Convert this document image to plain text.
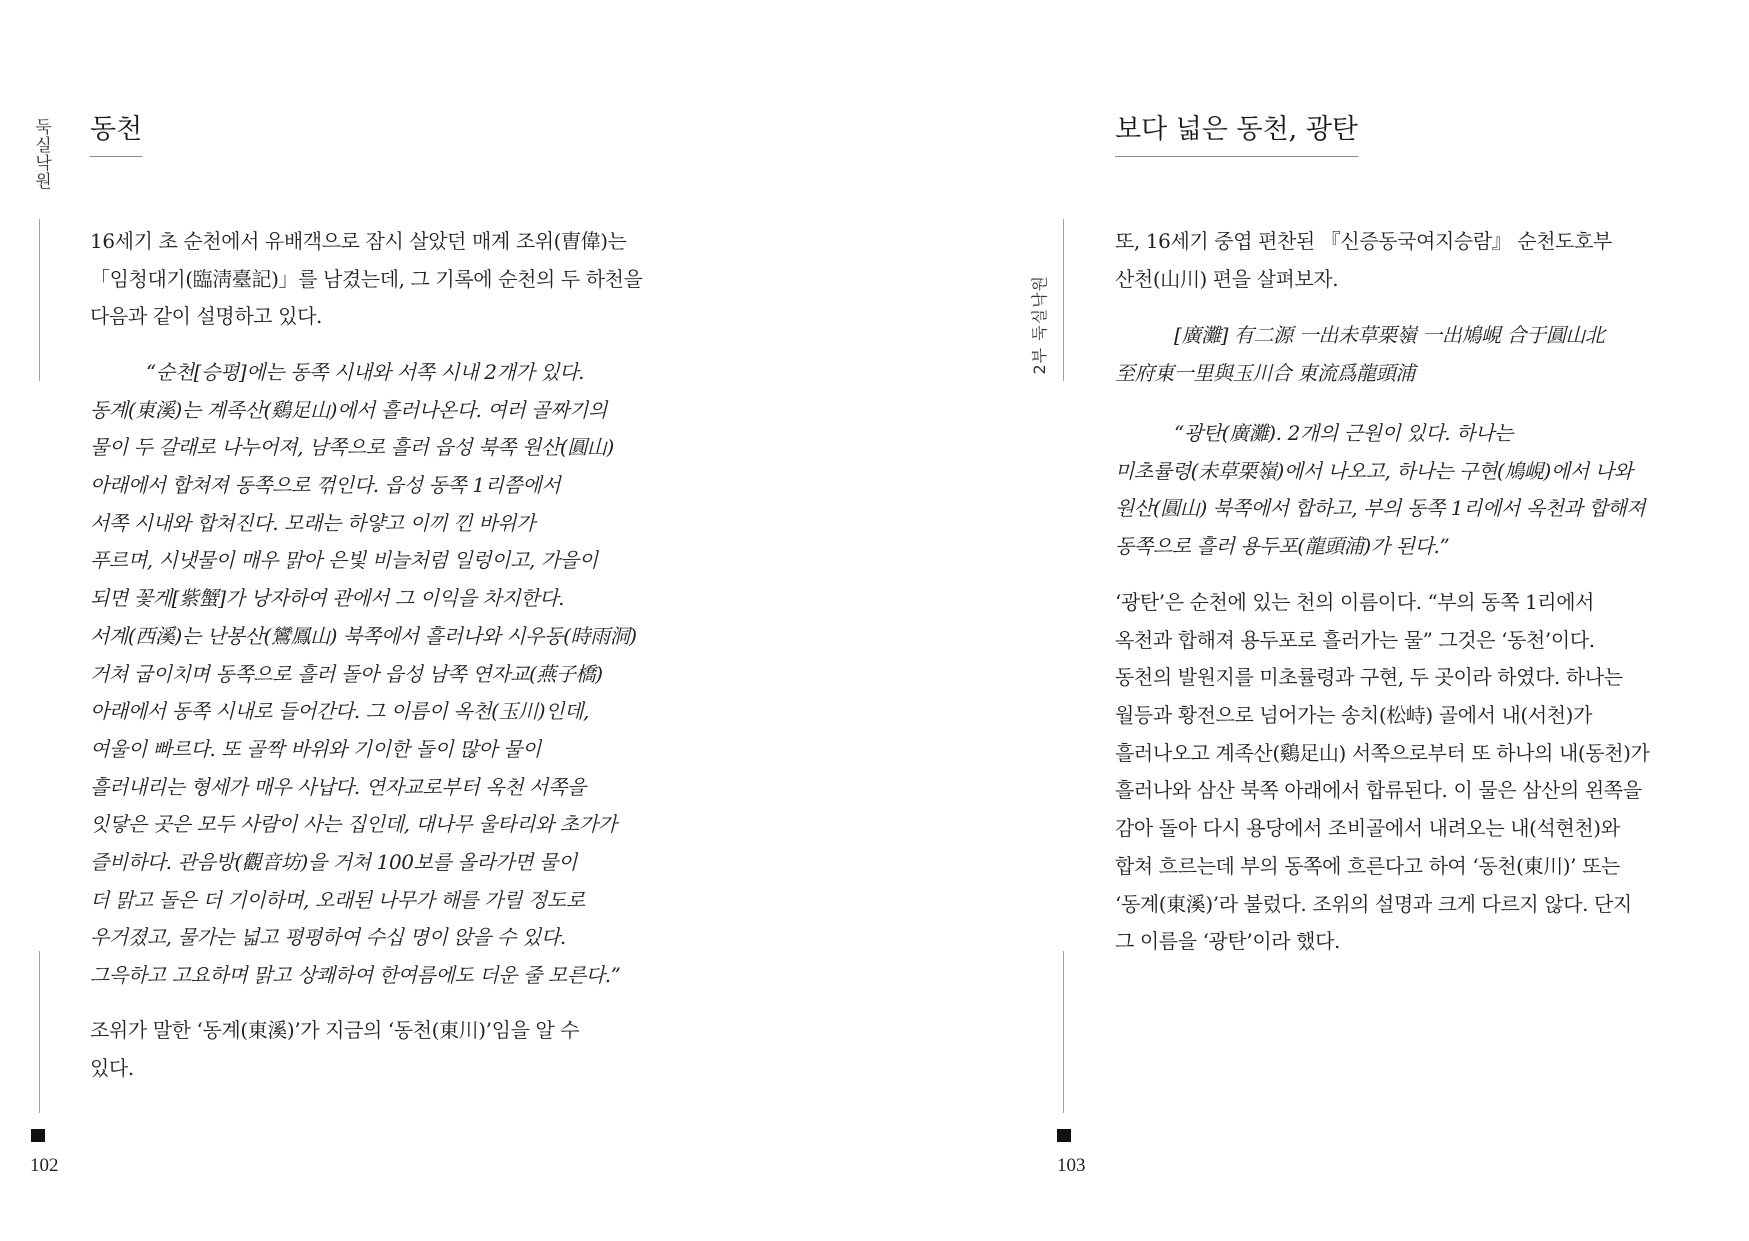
둑실낙원 동천
16세기 초 순천에서 유배객으로 잠시 살았던 매계 조위(曺偉)는
「임청대기(臨淸臺記)」를 남겼는데, 그 기록에 순천의 두 하천을
다음과 같이 설명하고 있다.
“순천[승평]에는 동쪽 시내와 서쪽 시내 2개가 있다.
동계(東溪)는 계족산(鷄足山)에서 흘러나온다. 여러 골짜기의
물이 두 갈래로 나누어져, 남쪽으로 흘러 읍성 북쪽 원산(圓山)
아래에서 합쳐져 동쪽으로 꺾인다. 읍성 동쪽 1리쯤에서
서쪽 시내와 합쳐진다. 모래는 하얗고 이끼 낀 바위가
푸르며, 시냇물이 매우 맑아 은빛 비늘처럼 일렁이고, 가을이
되면 꽃게[紫蟹]가 낭자하여 관에서 그 이익을 차지한다.
서계(西溪)는 난봉산(鸞鳳山) 북쪽에서 흘러나와 시우동(時雨洞)
거쳐 굽이치며 동쪽으로 흘러 돌아 읍성 남쪽 연자교(燕子橋)
아래에서 동쪽 시내로 들어간다. 그 이름이 옥천(玉川)인데,
여울이 빠르다. 또 골짝 바위와 기이한 돌이 많아 물이
흘러내리는 형세가 매우 사납다. 연자교로부터 옥천 서쪽을
잇닿은 곳은 모두 사람이 사는 집인데, 대나무 울타리와 초가가
즐비하다. 관음방(觀音坊)을 거쳐 100보를 올라가면 물이
더 맑고 돌은 더 기이하며, 오래된 나무가 해를 가릴 정도로
우거졌고, 물가는 넓고 평평하여 수십 명이 앉을 수 있다.
그윽하고 고요하며 맑고 상쾌하여 한여름에도 더운 줄 모른다.”
조위가 말한 ‘동계(東溪)’가 지금의 ‘동천(東川)’임을 알 수
있다.
102
2부 둑실낙원
보다 넓은 동천, 광탄
또, 16세기 중엽 편찬된 『신증동국여지승람』 순천도호부
산천(山川) 편을 살펴보자.
[廣灘] 有二源 一出未草栗嶺 一出鳩峴 合于圓山北
至府東一里與玉川合 東流爲龍頭浦
“광탄(廣灘). 2개의 근원이 있다. 하나는
미초률령(未草栗嶺)에서 나오고, 하나는 구현(鳩峴)에서 나와
원산(圓山) 북쪽에서 합하고, 부의 동쪽 1리에서 옥천과 합해져
동쪽으로 흘러 용두포(龍頭浦)가 된다.”
‘광탄’은 순천에 있는 천의 이름이다. “부의 동쪽 1리에서
옥천과 합해져 용두포로 흘러가는 물” 그것은 ‘동천’이다.
동천의 발원지를 미초률령과 구현, 두 곳이라 하였다. 하나는
월등과 황전으로 넘어가는 송치(松峙) 골에서 내(서천)가
흘러나오고 계족산(鷄足山) 서쪽으로부터 또 하나의 내(동천)가
흘러나와 삼산 북쪽 아래에서 합류된다. 이 물은 삼산의 왼쪽을
감아 돌아 다시 용당에서 조비골에서 내려오는 내(석현천)와
합쳐 흐르는데 부의 동쪽에 흐른다고 하여 ‘동천(東川)’ 또는
‘동계(東溪)’라 불렀다. 조위의 설명과 크게 다르지 않다. 단지
그 이름을 ‘광탄’이라 했다.
103
